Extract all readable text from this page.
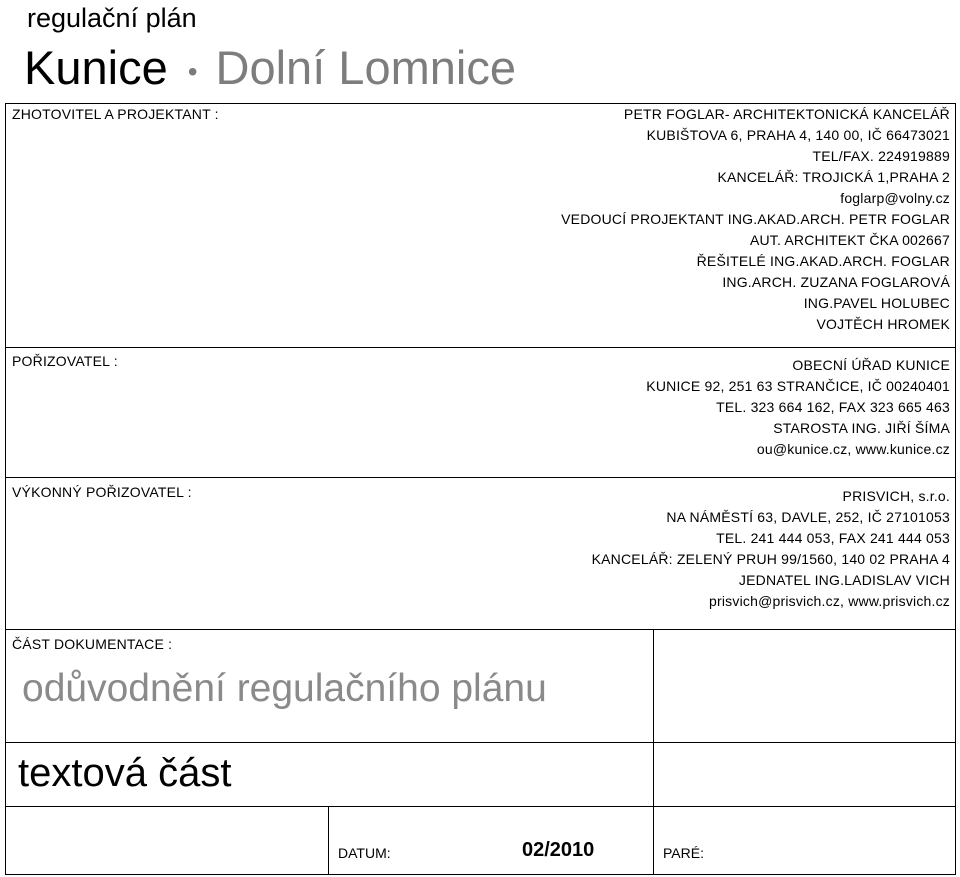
regulační plán
Kunice • Dolní Lomnice
ZHOTOVITEL A PROJEKTANT :	PETR FOGLAR- ARCHITEKTONICKÁ KANCELÁŘ
KUBIŠTOVA 6, PRAHA 4, 140 00, IČ 66473021
TEL/FAX. 224919889
KANCELÁŘ: TROJICKÁ 1,PRAHA 2
foglarp@volny.cz
VEDOUCÍ PROJEKTANT ING.AKAD.ARCH. PETR FOGLAR
AUT. ARCHITEKT ČKA 002667
ŘEŠITELÉ ING.AKAD.ARCH. FOGLAR
ING.ARCH. ZUZANA FOGLAROVÁ
ING.PAVEL HOLUBEC
VOJTĚCH HROMEK
POŘIZOVATEL :	OBECNÍ ÚŘAD KUNICE
KUNICE 92, 251 63 STRANČICE, IČ 00240401
TEL. 323 664 162, FAX 323 665 463
STAROSTA ING. JIŘÍ ŠÍMA
ou@kunice.cz, www.kunice.cz
VÝKONNÝ POŘIZOVATEL :	PRISVICH, s.r.o.
NA NÁMĚSTÍ 63, DAVLE, 252, IČ 27101053
TEL. 241 444 053, FAX 241 444 053
KANCELÁŘ: ZELENÝ PRUH 99/1560, 140 02 PRAHA 4
JEDNATEL ING.LADISLAV VICH
prisvich@prisvich.cz, www.prisvich.cz
ČÁST DOKUMENTACE :
odůvodnění regulačního plánu
textová část
DATUM:	02/2010	PARÉ:
